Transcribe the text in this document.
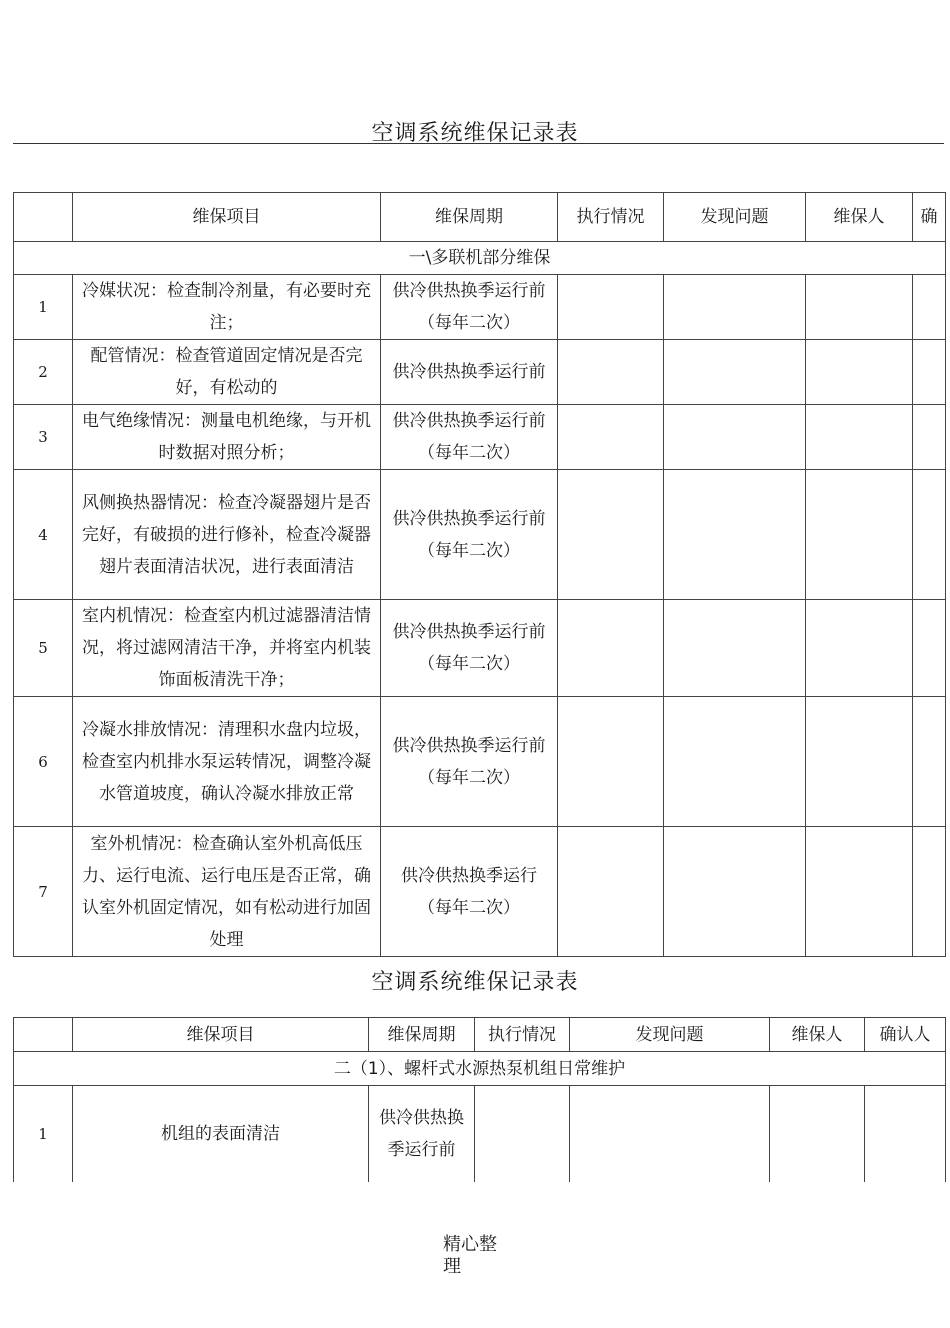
空调系统维保记录表
	维保项目	维保周期	执行情况	发现问题	维保人	确
一\多联机部分维保						
1	冷媒状况：检查制冷剂量，有必要时充注；	供冷供热换季运行前（每年二次）				
2	配管情况：检查管道固定情况是否完好，有松动的	供冷供热换季运行前				
3	电气绝缘情况：测量电机绝缘，与开机时数据对照分析；	供冷供热换季运行前（每年二次）				
4	风侧换热器情况：检查冷凝器翅片是否完好，有破损的进行修补，检查冷凝器翅片表面清洁状况，进行表面清洁	供冷供热换季运行前（每年二次）				
5	室内机情况：检查室内机过滤器清洁情况，将过滤网清洁干净，并将室内机装饰面板清洗干净；	供冷供热换季运行前（每年二次）				
6	冷凝水排放情况：清理积水盘内垃圾，检查室内机排水泵运转情况，调整冷凝水管道坡度，确认冷凝水排放正常	供冷供热换季运行前（每年二次）				
7	室外机情况：检查确认室外机高低压力、运行电流、运行电压是否正常，确认室外机固定情况，如有松动进行加固处理	供冷供热换季运行（每年二次）				
空调系统维保记录表
	维保项目	维保周期	执行情况	发现问题	维保人	确认人
二（1）、螺杆式水源热泵机组日常维护						
1	机组的表面清洁	供冷供热换季运行前				
精心整理
